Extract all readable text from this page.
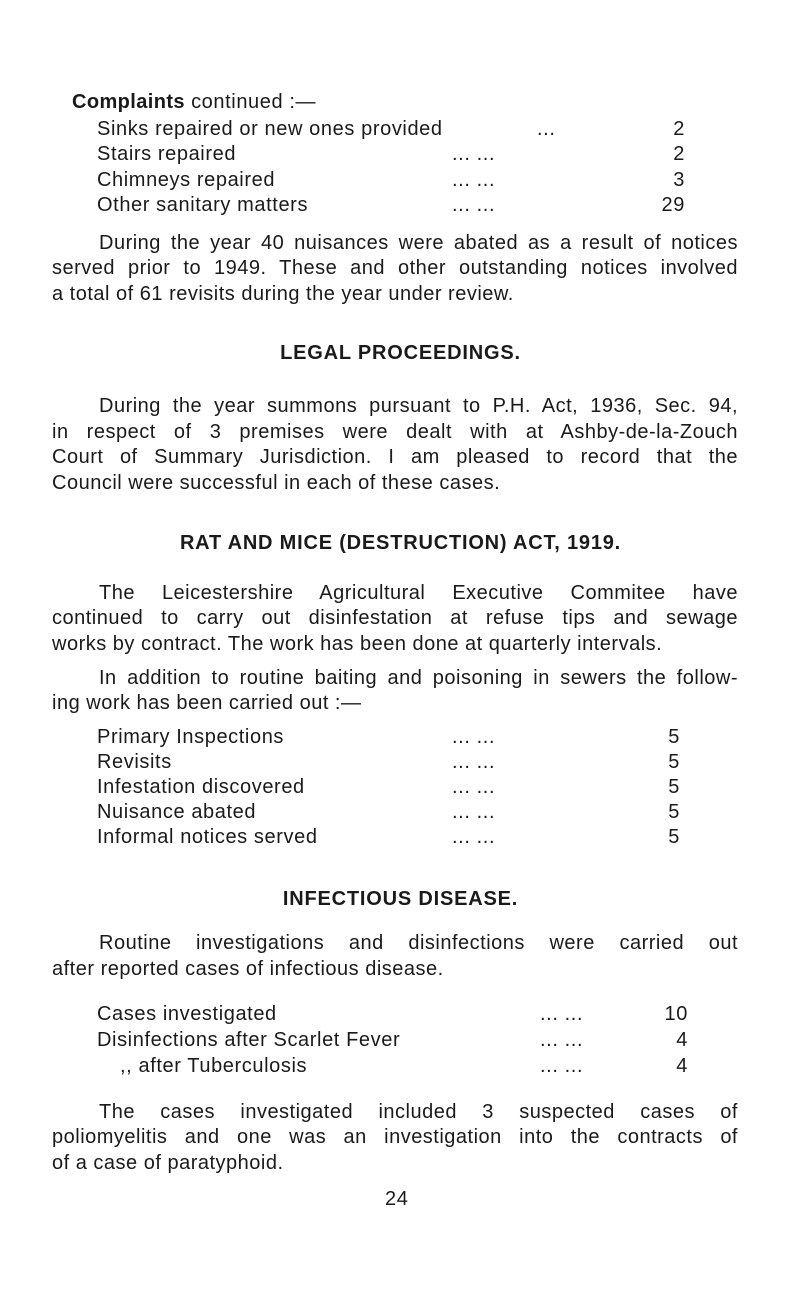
Complaints continued :—
Sinks repaired or new ones provided	...	2
Stairs repaired	... ...	2
Chimneys repaired	... ...	3
Other sanitary matters	... ...	29
During the year 40 nuisances were abated as a result of notices
served prior to 1949. These and other outstanding notices involved
a total of 61 revisits during the year under review.
LEGAL PROCEEDINGS.
During the year summons pursuant to P.H. Act, 1936, Sec. 94,
in respect of 3 premises were dealt with at Ashby-de-la-Zouch
Court of Summary Jurisdiction. I am pleased to record that the
Council were successful in each of these cases.
RAT AND MICE (DESTRUCTION) ACT, 1919.
The Leicestershire Agricultural Executive Commitee have
continued to carry out disinfestation at refuse tips and sewage
works by contract. The work has been done at quarterly intervals.
In addition to routine baiting and poisoning in sewers the follow-
ing work has been carried out :—
Primary Inspections	... ...	5
Revisits	... ...	5
Infestation discovered	... ...	5
Nuisance abated	... ...	5
Informal notices served	... ...	5
INFECTIOUS DISEASE.
Routine investigations and disinfections were carried out
after reported cases of infectious disease.
Cases investigated	... ...	10
Disinfections after Scarlet Fever	... ...	4
,, after Tuberculosis	... ...	4
The cases investigated included 3 suspected cases of
poliomyelitis and one was an investigation into the contracts of
of a case of paratyphoid.
24
